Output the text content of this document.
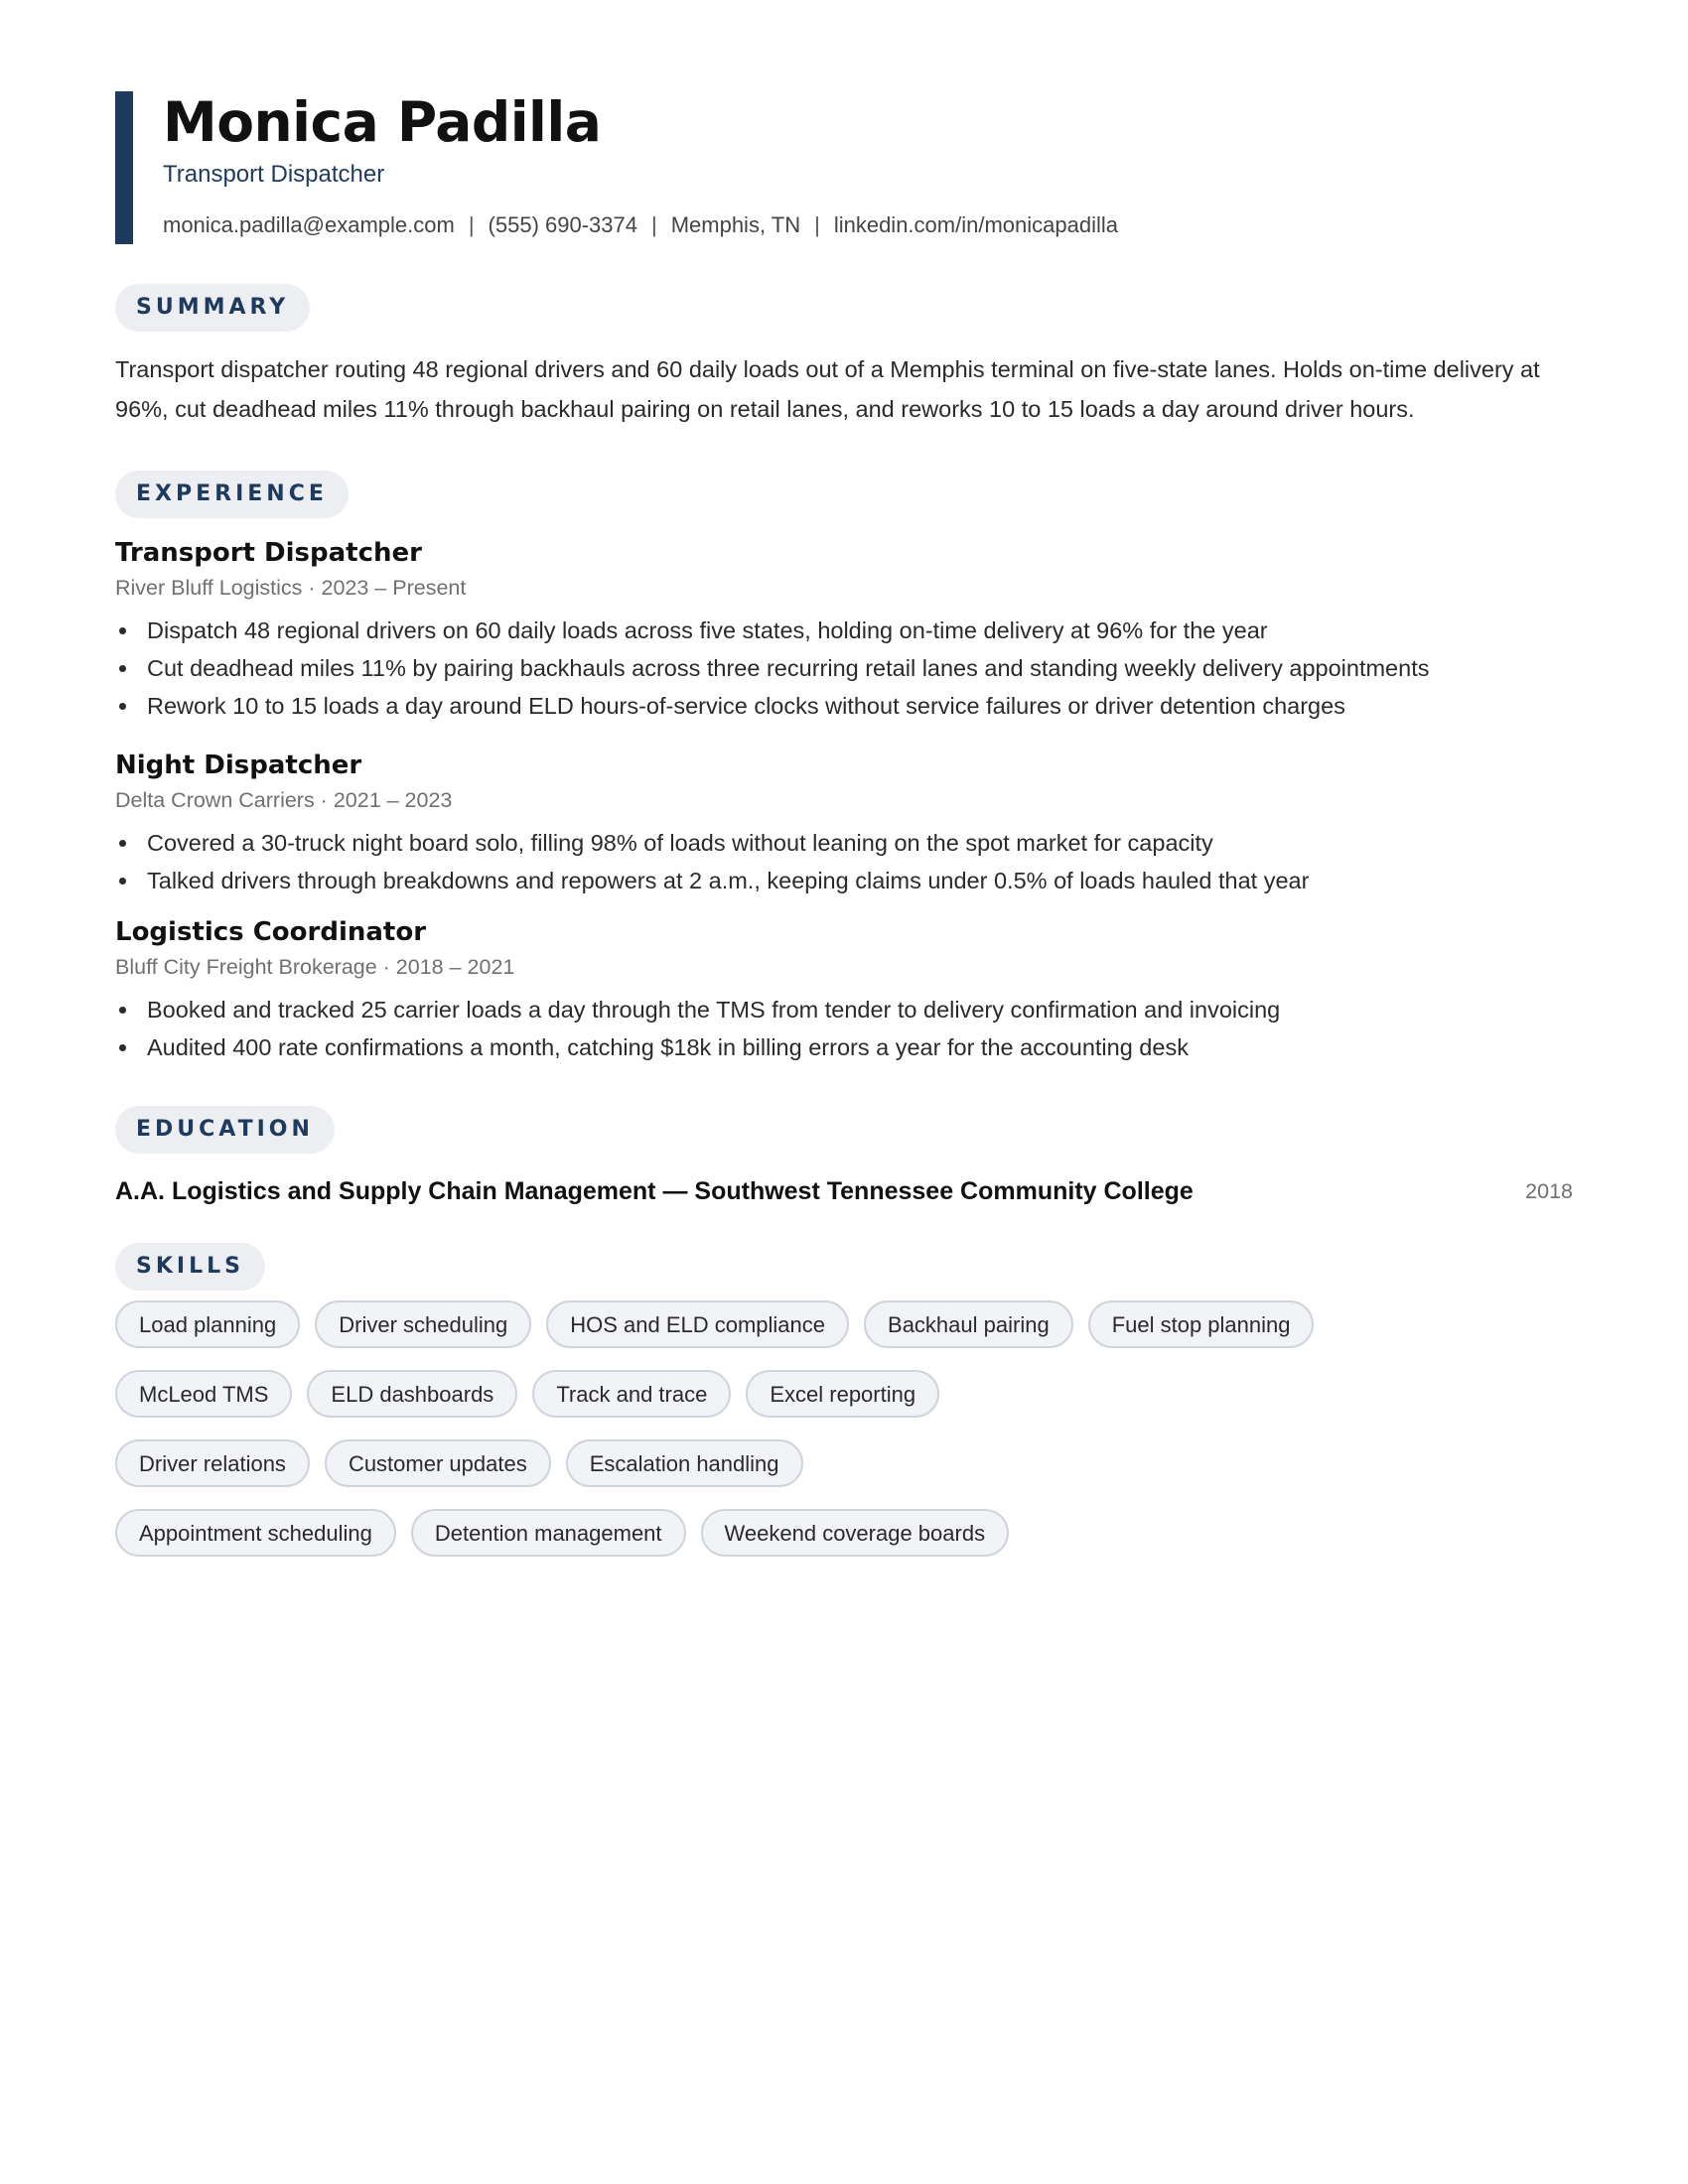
Monica Padilla
Transport Dispatcher
monica.padilla@example.com | (555) 690-3374 | Memphis, TN | linkedin.com/in/monicapadilla
SUMMARY
Transport dispatcher routing 48 regional drivers and 60 daily loads out of a Memphis terminal on five-state lanes. Holds on-time delivery at 96%, cut deadhead miles 11% through backhaul pairing on retail lanes, and reworks 10 to 15 loads a day around driver hours.
EXPERIENCE
Transport Dispatcher
River Bluff Logistics · 2023 – Present
Dispatch 48 regional drivers on 60 daily loads across five states, holding on-time delivery at 96% for the year
Cut deadhead miles 11% by pairing backhauls across three recurring retail lanes and standing weekly delivery appointments
Rework 10 to 15 loads a day around ELD hours-of-service clocks without service failures or driver detention charges
Night Dispatcher
Delta Crown Carriers · 2021 – 2023
Covered a 30-truck night board solo, filling 98% of loads without leaning on the spot market for capacity
Talked drivers through breakdowns and repowers at 2 a.m., keeping claims under 0.5% of loads hauled that year
Logistics Coordinator
Bluff City Freight Brokerage · 2018 – 2021
Booked and tracked 25 carrier loads a day through the TMS from tender to delivery confirmation and invoicing
Audited 400 rate confirmations a month, catching $18k in billing errors a year for the accounting desk
EDUCATION
A.A. Logistics and Supply Chain Management — Southwest Tennessee Community College	2018
SKILLS
Load planning	Driver scheduling	HOS and ELD compliance	Backhaul pairing	Fuel stop planning
McLeod TMS	ELD dashboards	Track and trace	Excel reporting
Driver relations	Customer updates	Escalation handling
Appointment scheduling	Detention management	Weekend coverage boards
